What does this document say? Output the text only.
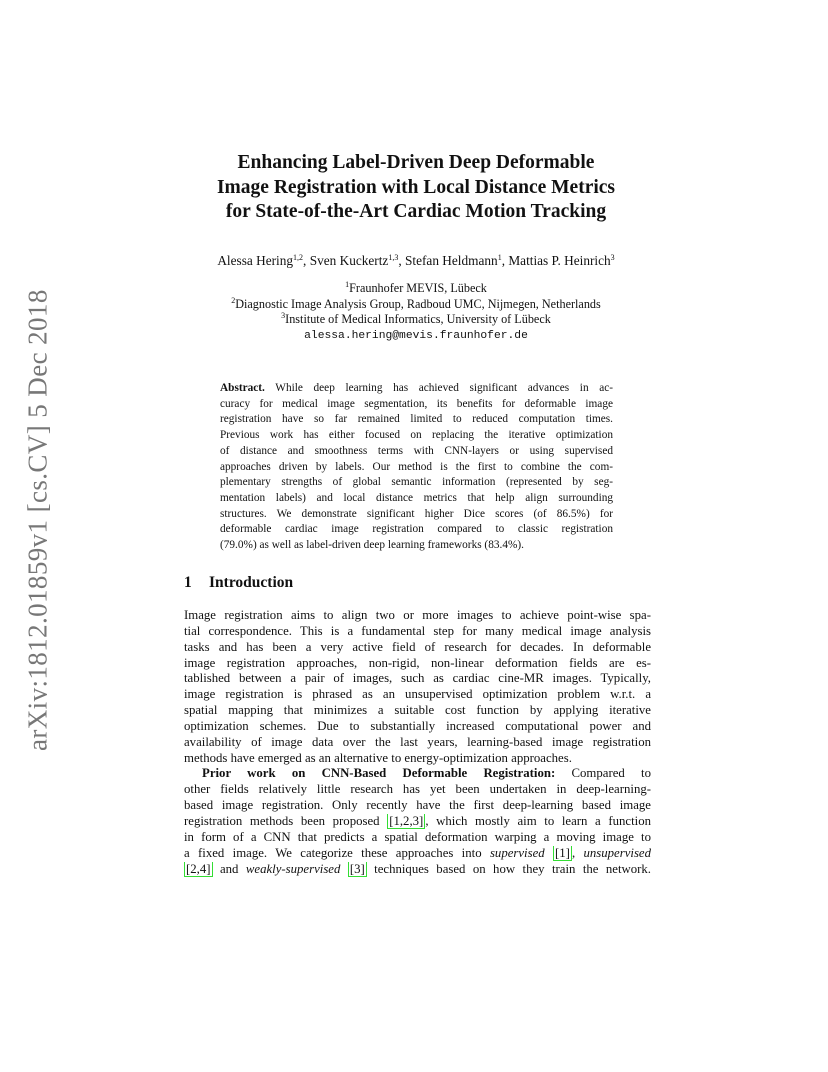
arXiv:1812.01859v1 [cs.CV] 5 Dec 2018
Enhancing Label-Driven Deep Deformable
Image Registration with Local Distance Metrics
for State-of-the-Art Cardiac Motion Tracking
Alessa Hering$^{1,2}$, Sven Kuckertz$^{1,3}$, Stefan Heldmann$^1$, Mattias P. Heinrich$^3$
$^1$Fraunhofer MEVIS, Lübeck
$^2$Diagnostic Image Analysis Group, Radboud UMC, Nijmegen, Netherlands
$^3$Institute of Medical Informatics, University of Lübeck
alessa.hering@mevis.fraunhofer.de
Abstract. While deep learning has achieved significant advances in ac-
curacy for medical image segmentation, its benefits for deformable image
registration have so far remained limited to reduced computation times.
Previous work has either focused on replacing the iterative optimization
of distance and smoothness terms with CNN-layers or using supervised
approaches driven by labels. Our method is the first to combine the com-
plementary strengths of global semantic information (represented by seg-
mentation labels) and local distance metrics that help align surrounding
structures. We demonstrate significant higher Dice scores (of 86.5%) for
deformable cardiac image registration compared to classic registration
(79.0%) as well as label-driven deep learning frameworks (83.4%).
1 Introduction
Image registration aims to align two or more images to achieve point-wise spa-
tial correspondence. This is a fundamental step for many medical image analysis
tasks and has been a very active field of research for decades. In deformable
image registration approaches, non-rigid, non-linear deformation fields are es-
tablished between a pair of images, such as cardiac cine-MR images. Typically,
image registration is phrased as an unsupervised optimization problem w.r.t. a
spatial mapping that minimizes a suitable cost function by applying iterative
optimization schemes. Due to substantially increased computational power and
availability of image data over the last years, learning-based image registration
methods have emerged as an alternative to energy-optimization approaches.
Prior work on CNN-Based Deformable Registration: Compared to
other fields relatively little research has yet been undertaken in deep-learning-
based image registration. Only recently have the first deep-learning based image
registration methods been proposed [1,2,3] , which mostly aim to learn a function
in form of a CNN that predicts a spatial deformation warping a moving image to
a fixed image. We categorize these approaches into supervised [1] , unsupervised
[2,4] and weakly-supervised [3] techniques based on how they train the network.
